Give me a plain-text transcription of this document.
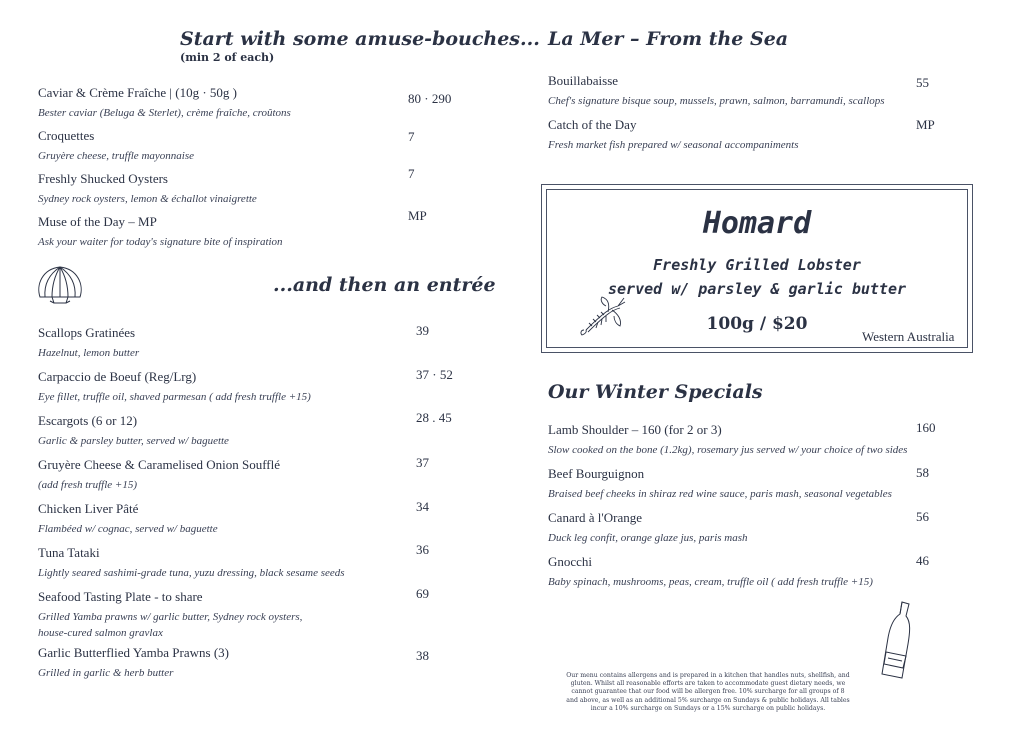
Start with some amuse-bouches...
(min 2 of each)
Caviar & Crème Fraîche | (10g · 50g )
Bester caviar (Beluga & Sterlet), crème fraîche, croûtons
80 · 290
Croquettes
Gruyère cheese, truffle mayonnaise
7
Freshly Shucked Oysters
Sydney rock oysters, lemon & échallot vinaigrette
7
Muse of the Day – MP
Ask your waiter for today's signature bite of inspiration
MP
...and then an entrée
Scallops Gratinées
Hazelnut, lemon butter
39
Carpaccio de Boeuf (Reg/Lrg)
Eye fillet, truffle oil, shaved parmesan ( add fresh truffle +15)
37 · 52
Escargots (6 or 12)
Garlic & parsley butter, served w/ baguette
28 . 45
Gruyère Cheese & Caramelised Onion Soufflé
(add fresh truffle +15)
37
Chicken Liver Pâté
Flambéed w/ cognac, served w/ baguette
34
Tuna Tataki
Lightly seared sashimi-grade tuna, yuzu dressing, black sesame seeds
36
Seafood Tasting Plate - to share
Grilled Yamba prawns w/ garlic butter, Sydney rock oysters,
house-cured salmon gravlax
69
Garlic Butterflied Yamba Prawns (3)
Grilled in garlic & herb butter
38
La Mer – From the Sea
Bouillabaisse
Chef's signature bisque soup, mussels, prawn, salmon, barramundi, scallops
55
Catch of the Day
Fresh market fish prepared w/ seasonal accompaniments
MP
Homard
Freshly Grilled Lobster
served w/ parsley & garlic butter
100g / $20
Western Australia
Our Winter Specials
Lamb Shoulder – 160 (for 2 or 3)
Slow cooked on the bone (1.2kg), rosemary jus served w/ your choice of two sides
160
Beef Bourguignon
Braised beef cheeks in shiraz red wine sauce, paris mash, seasonal vegetables
58
Canard à l'Orange
Duck leg confit, orange glaze jus, paris mash
56
Gnocchi
Baby spinach, mushrooms, peas, cream, truffle oil ( add fresh truffle +15)
46
Our menu contains allergens and is prepared in a kitchen that handles nuts, shellfish, and gluten. Whilst all reasonable efforts are taken to accommodate guest dietary needs, we cannot guarantee that our food will be allergen free. 10% surcharge for all groups of 8 and above, as well as an additional 5% surcharge on Sundays & public holidays. All tables incur a 10% surcharge on Sundays or a 15% surcharge on public holidays.
